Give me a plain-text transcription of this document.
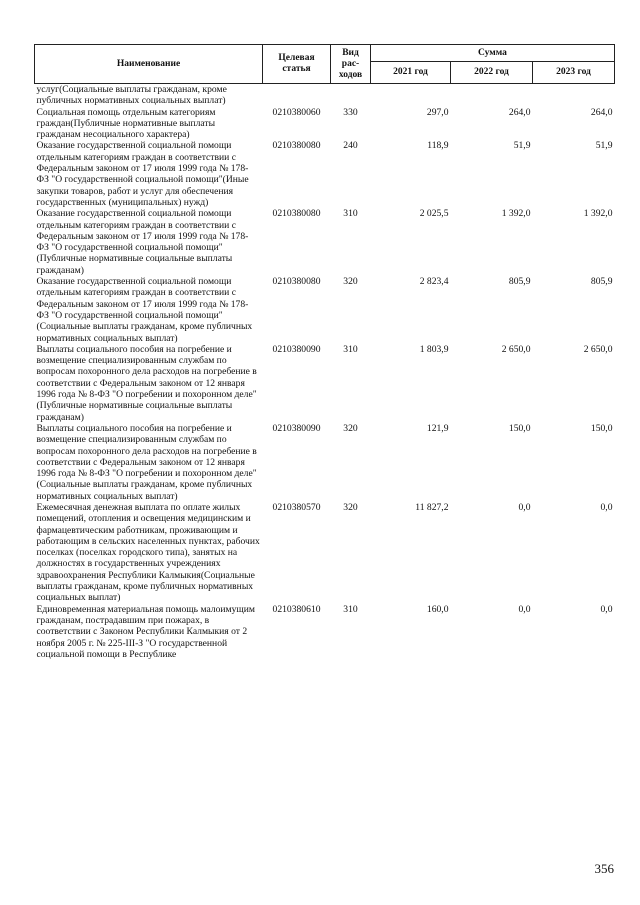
Наименование	Целевая статья	Вид рас-ходов	Сумма		
			2021 год	2022 год	2023 год
услуг(Социальные выплаты гражданам, кроме публичных нормативных социальных выплат)					
Социальная помощь отдельным категориям граждан(Публичные нормативные выплаты гражданам несоциального характера)	0210380060	330	297,0	264,0	264,0
Оказание государственной социальной помощи отдельным категориям граждан в соответствии с Федеральным законом от 17 июля 1999 года № 178-ФЗ "О государственной социальной помощи"(Иные закупки товаров, работ и услуг для обеспечения государственных (муниципальных) нужд)	0210380080	240	118,9	51,9	51,9
Оказание государственной социальной помощи отдельным категориям граждан в соответствии с Федеральным законом от 17 июля 1999 года № 178-ФЗ "О государственной социальной помощи" (Публичные нормативные социальные выплаты гражданам)	0210380080	310	2 025,5	1 392,0	1 392,0
Оказание государственной социальной помощи отдельным категориям граждан в соответствии с Федеральным законом от 17 июля 1999 года № 178-ФЗ "О государственной социальной помощи"(Социальные выплаты гражданам, кроме публичных нормативных социальных выплат)	0210380080	320	2 823,4	805,9	805,9
Выплаты социального пособия на погребение и возмещение специализированным службам по вопросам похоронного дела расходов на погребение в соответствии с Федеральным законом от 12 января 1996 года № 8-ФЗ "О погребении и похоронном деле"(Публичные нормативные социальные выплаты гражданам)	0210380090	310	1 803,9	2 650,0	2 650,0
Выплаты социального пособия на погребение и возмещение специализированным службам по вопросам похоронного дела расходов на погребение в соответствии с Федеральным законом от 12 января 1996 года № 8-ФЗ "О погребении и похоронном деле"(Социальные выплаты гражданам, кроме публичных нормативных социальных выплат)	0210380090	320	121,9	150,0	150,0
Ежемесячная денежная выплата по оплате жилых помещений, отопления и освещения медицинским и фармацевтическим работникам, проживающим и работающим в сельских населенных пунктах, рабочих поселках (поселках городского типа), занятых на должностях в государственных учреждениях здравоохранения Республики Калмыкия(Социальные выплаты гражданам, кроме публичных нормативных социальных выплат)	0210380570	320	11 827,2	0,0	0,0
Единовременная материальная помощь малоимущим гражданам, пострадавшим при пожарах, в соответствии с Законом Республики Калмыкия от 2 ноября 2005 г. № 225-III-З "О государственной социальной помощи в Республике	0210380610	310	160,0	0,0	0,0
356
